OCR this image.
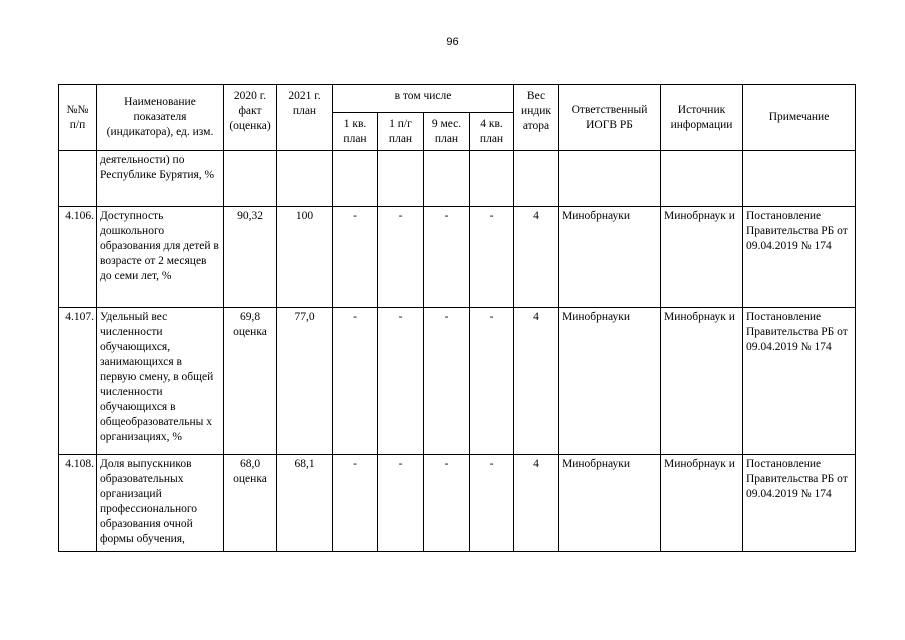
96
№№ п/п	Наименование показателя (индикатора), ед. изм.	2020 г. факт (оценка)	2021 г. план	в том числе				Вес индик атора	Ответственный ИОГВ РБ	Источник информации	Примечание
				1 кв. план	1 п/г план	9 мес. план	4 кв. план				
	деятельности) по Республике Бурятия, %										
4.106.	Доступность дошкольного образования для детей в возрасте от 2 месяцев до семи лет, %	90,32	100	-	-	-	-	4	Минобрнауки	Минобрнаук и	Постановление Правительства РБ от 09.04.2019 № 174
4.107.	Удельный вес численности обучающихся, занимающихся в первую смену, в общей численности обучающихся в общеобразовательны х организациях, %	69,8 оценка	77,0	-	-	-	-	4	Минобрнауки	Минобрнаук и	Постановление Правительства РБ от 09.04.2019 № 174
4.108.	Доля выпускников образовательных организаций профессионального образования очной формы обучения,	68,0 оценка	68,1	-	-	-	-	4	Минобрнауки	Минобрнаук и	Постановление Правительства РБ от 09.04.2019 № 174
